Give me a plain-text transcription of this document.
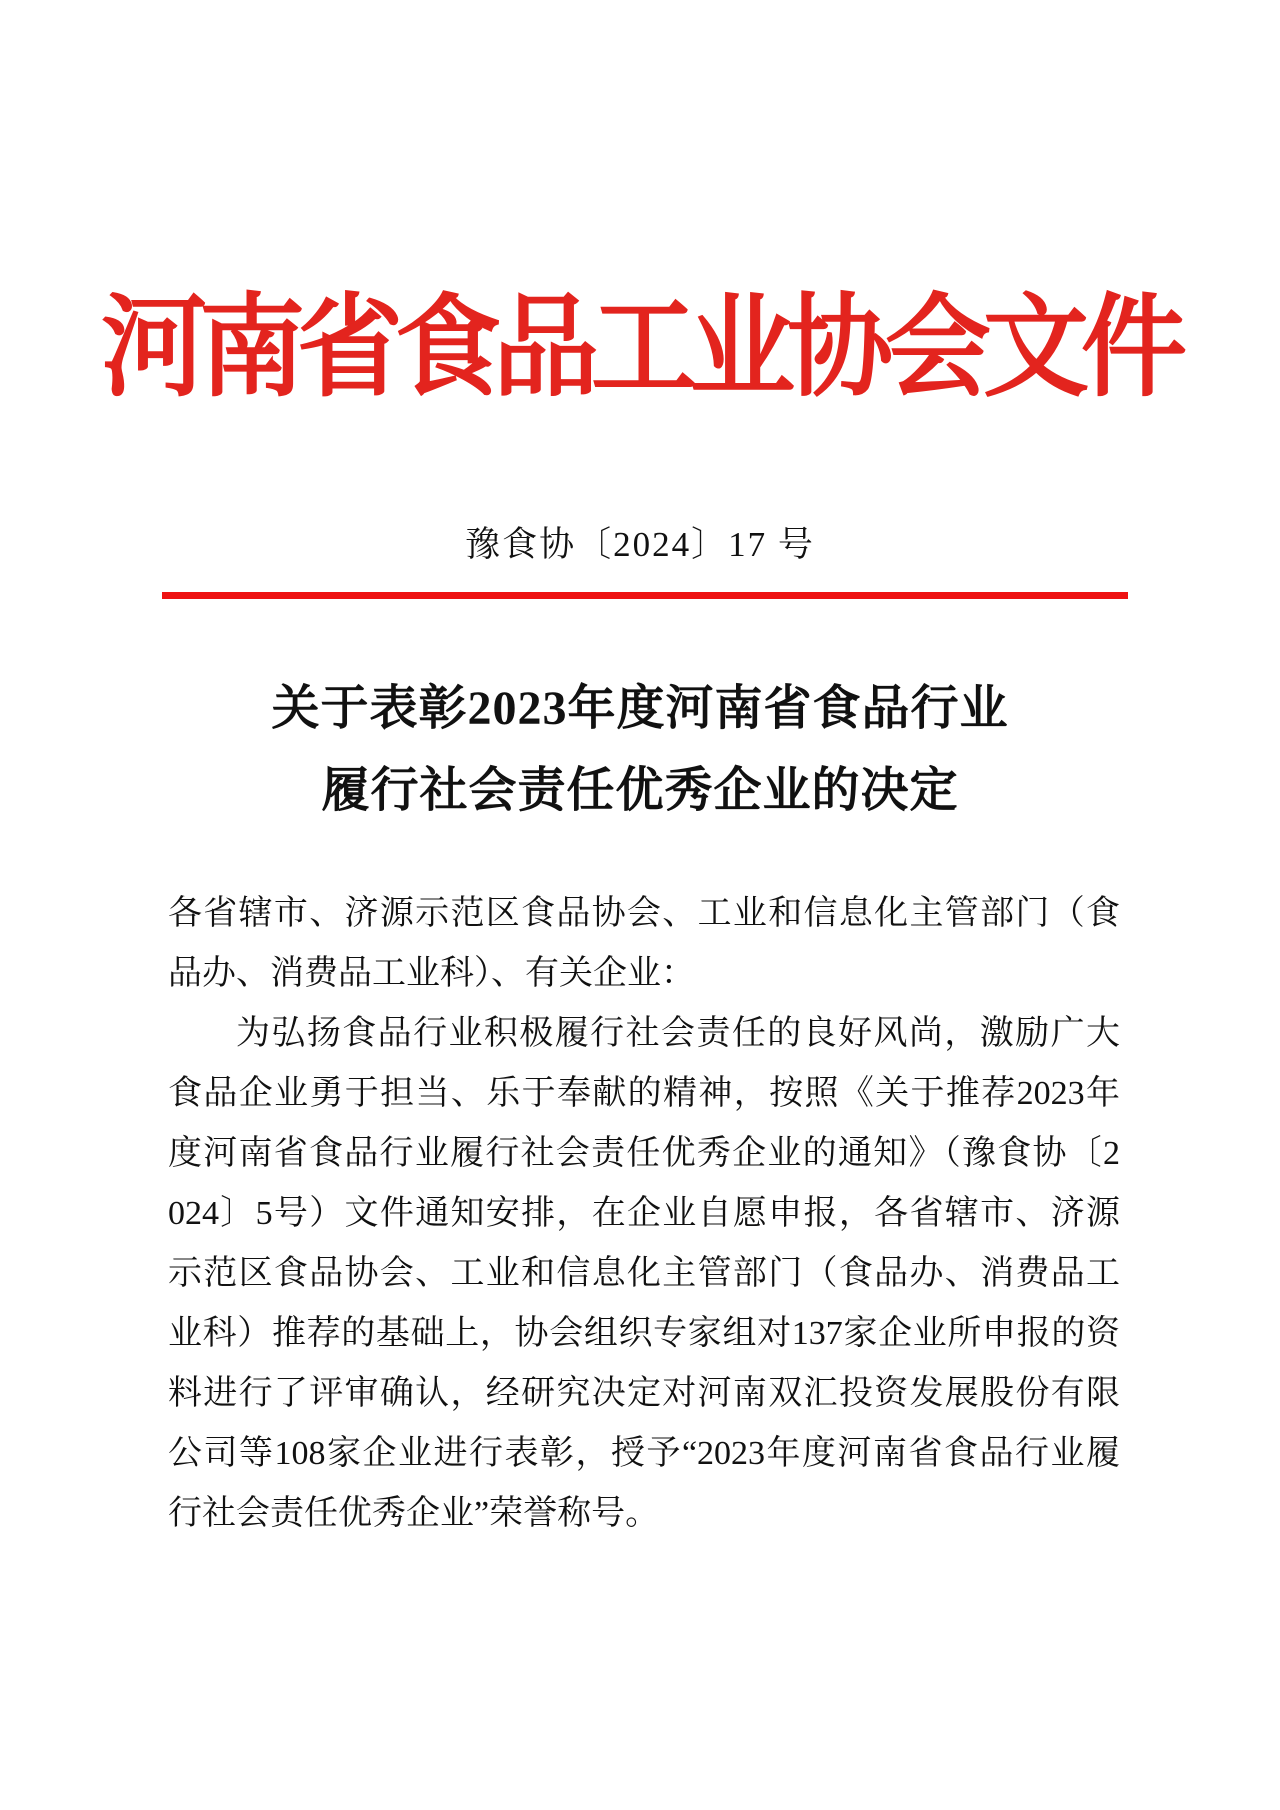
河南省食品工业协会文件
豫食协〔2024〕17 号
关于表彰2023年度河南省食品行业
履行社会责任优秀企业的决定
各省辖市、济源示范区食品协会、工业和信息化主管部门（食
品办、消费品工业科）、有关企业：
为弘扬食品行业积极履行社会责任的良好风尚，激励广大
食品企业勇于担当、乐于奉献的精神，按照《关于推荐2023年
度河南省食品行业履行社会责任优秀企业的通知》（豫食协〔2
024〕5号）文件通知安排，在企业自愿申报，各省辖市、济源
示范区食品协会、工业和信息化主管部门（食品办、消费品工
业科）推荐的基础上，协会组织专家组对137家企业所申报的资
料进行了评审确认，经研究决定对河南双汇投资发展股份有限
公司等108家企业进行表彰，授予“2023年度河南省食品行业履
行社会责任优秀企业”荣誉称号。
